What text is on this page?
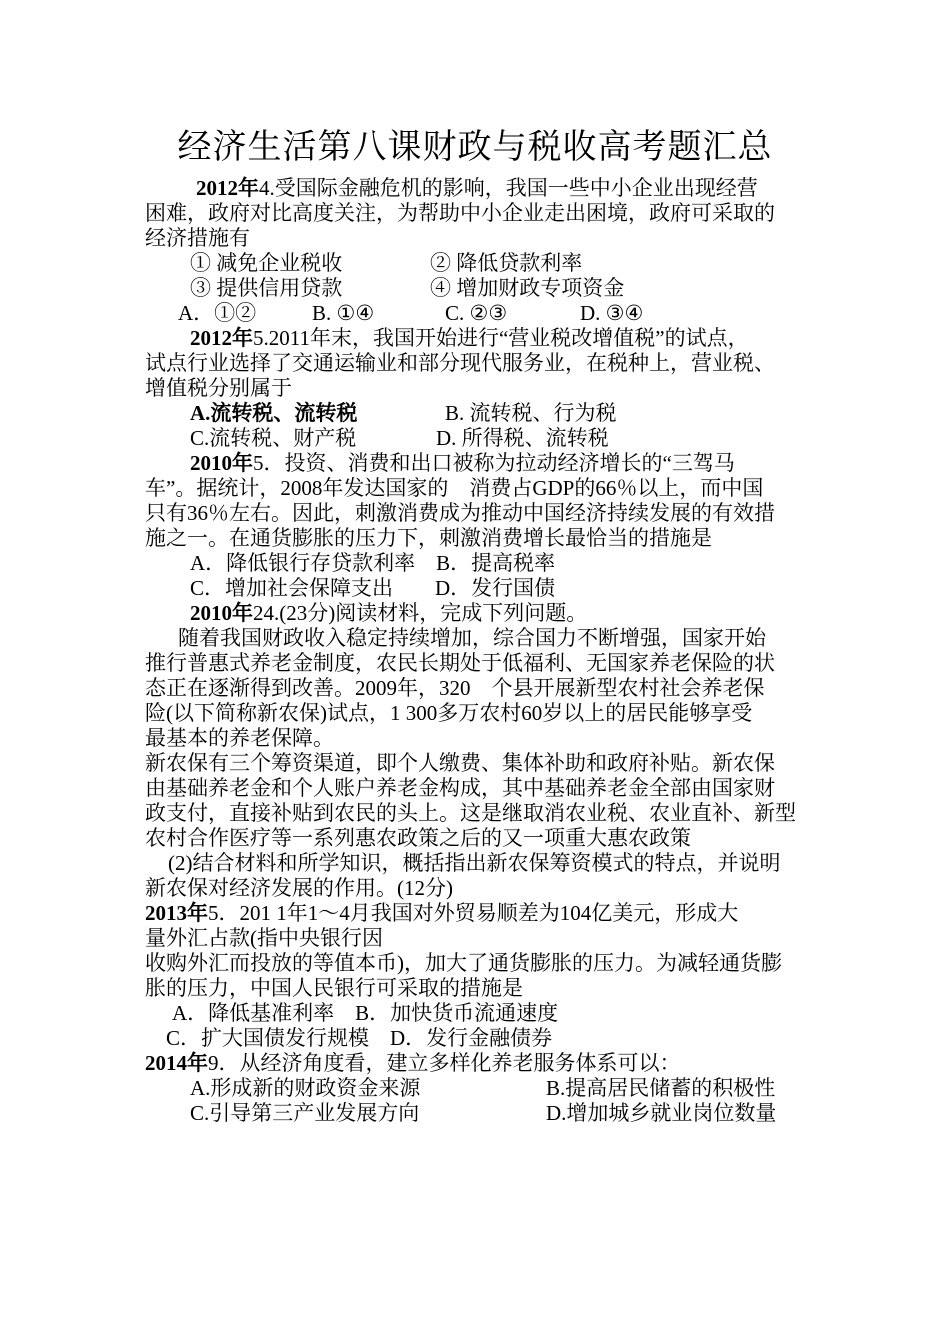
经济生活第八课财政与税收高考题汇总
2012年4.受国际金融危机的影响，我国一些中小企业出现经营
困难，政府对比高度关注，为帮助中小企业走出困境，政府可采取的
经济措施有
① 减免企业税收	② 降低贷款利率
③ 提供信用贷款	④ 增加财政专项资金
A．①②	B. ①④	C. ②③	D. ③④
2012年5.2011年末，我国开始进行“营业税改增值税”的试点，
试点行业选择了交通运输业和部分现代服务业，在税种上，营业税、
增值税分别属于
A.流转税、流转税	B. 流转税、行为税
C.流转税、财产税	D. 所得税、流转税
2010年5．投资、消费和出口被称为拉动经济增长的“三驾马
车”。据统计，2008年发达国家的　消费占GDP的66％以上，而中国
只有36％左右。因此，刺激消费成为推动中国经济持续发展的有效措
施之一。在通货膨胀的压力下，刺激消费增长最恰当的措施是
A．降低银行存贷款利率　B．提高税率
C．增加社会保障支出　　D．发行国债
2010年24.(23分)阅读材料，完成下列问题。
随着我国财政收入稳定持续增加，综合国力不断增强，国家开始
推行普惠式养老金制度，农民长期处于低福利、无国家养老保险的状
态正在逐渐得到改善。2009年，320　个县开展新型农村社会养老保
险(以下简称新农保)试点，1 300多万农村60岁以上的居民能够享受
最基本的养老保障。
新农保有三个筹资渠道，即个人缴费、集体补助和政府补贴。新农保
由基础养老金和个人账户养老金构成，其中基础养老金全部由国家财
政支付，直接补贴到农民的头上。这是继取消农业税、农业直补、新型
农村合作医疗等一系列惠农政策之后的又一项重大惠农政策
(2)结合材料和所学知识，概括指出新农保筹资模式的特点，并说明
新农保对经济发展的作用。(12分)
2013年5．201 1年1～4月我国对外贸易顺差为104亿美元，形成大
量外汇占款(指中央银行因
收购外汇而投放的等值本币)，加大了通货膨胀的压力。为减轻通货膨
胀的压力，中国人民银行可采取的措施是
A．降低基准利率　B．加快货币流通速度
C．扩大国债发行规模　D．发行金融债券
2014年9．从经济角度看，建立多样化养老服务体系可以：
A.形成新的财政资金来源	B.提高居民储蓄的积极性
C.引导第三产业发展方向	D.增加城乡就业岗位数量
